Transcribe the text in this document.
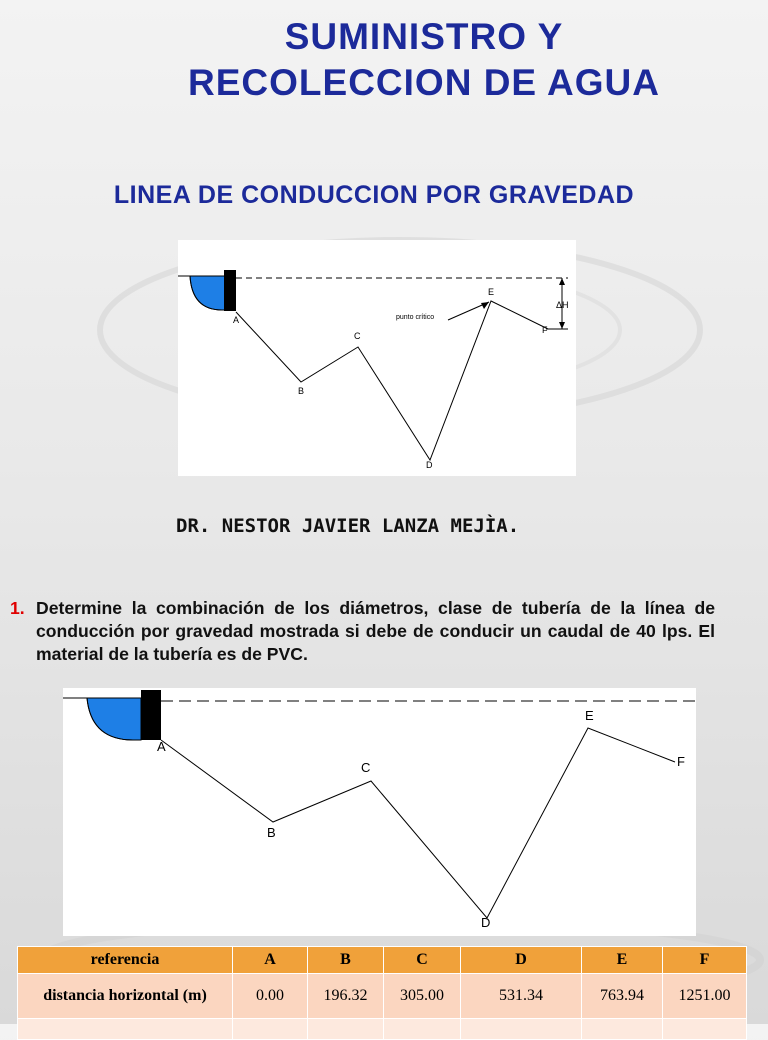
SUMINISTRO Y
RECOLECCION DE AGUA
LINEA DE CONDUCCION POR GRAVEDAD
A
B
C
D
E
F
punto crítico
ΔH
DR. NESTOR JAVIER LANZA MEJÌA.
1. Determine la combinación de los diámetros, clase de tubería de la línea de conducción por gravedad mostrada si debe de conducir un caudal de 40 lps. El material de la tubería es de PVC.
A
B
C
D
E
F
referencia	A	B	C	D	E	F
distancia horizontal (m)	0.00	196.32	305.00	531.34	763.94	1251.00
